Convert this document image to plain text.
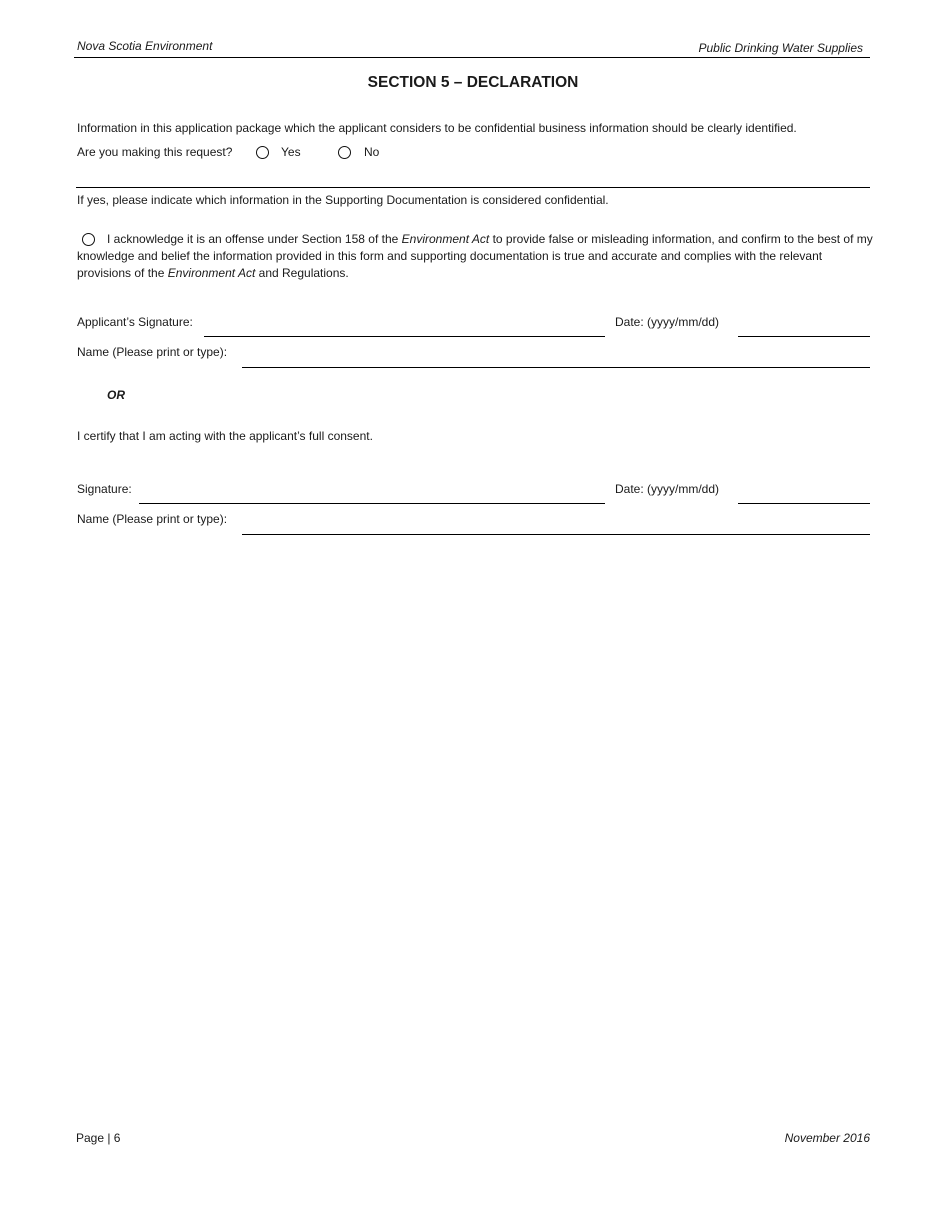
Nova Scotia Environment	Public Drinking Water Supplies
SECTION 5 – DECLARATION
Information in this application package which the applicant considers to be confidential business information should be clearly identified.
Are you making this request?	Yes	No
If yes, please indicate which information in the Supporting Documentation is considered confidential.
I acknowledge it is an offense under Section 158 of the Environment Act to provide false or misleading information, and confirm to the best of my knowledge and belief the information provided in this form and supporting documentation is true and accurate and complies with the relevant provisions of the Environment Act and Regulations.
Applicant’s Signature:	Date: (yyyy/mm/dd)
Name (Please print or type):
OR
I certify that I am acting with the applicant’s full consent.
Signature:	Date: (yyyy/mm/dd)
Name (Please print or type):
Page | 6	November 2016
